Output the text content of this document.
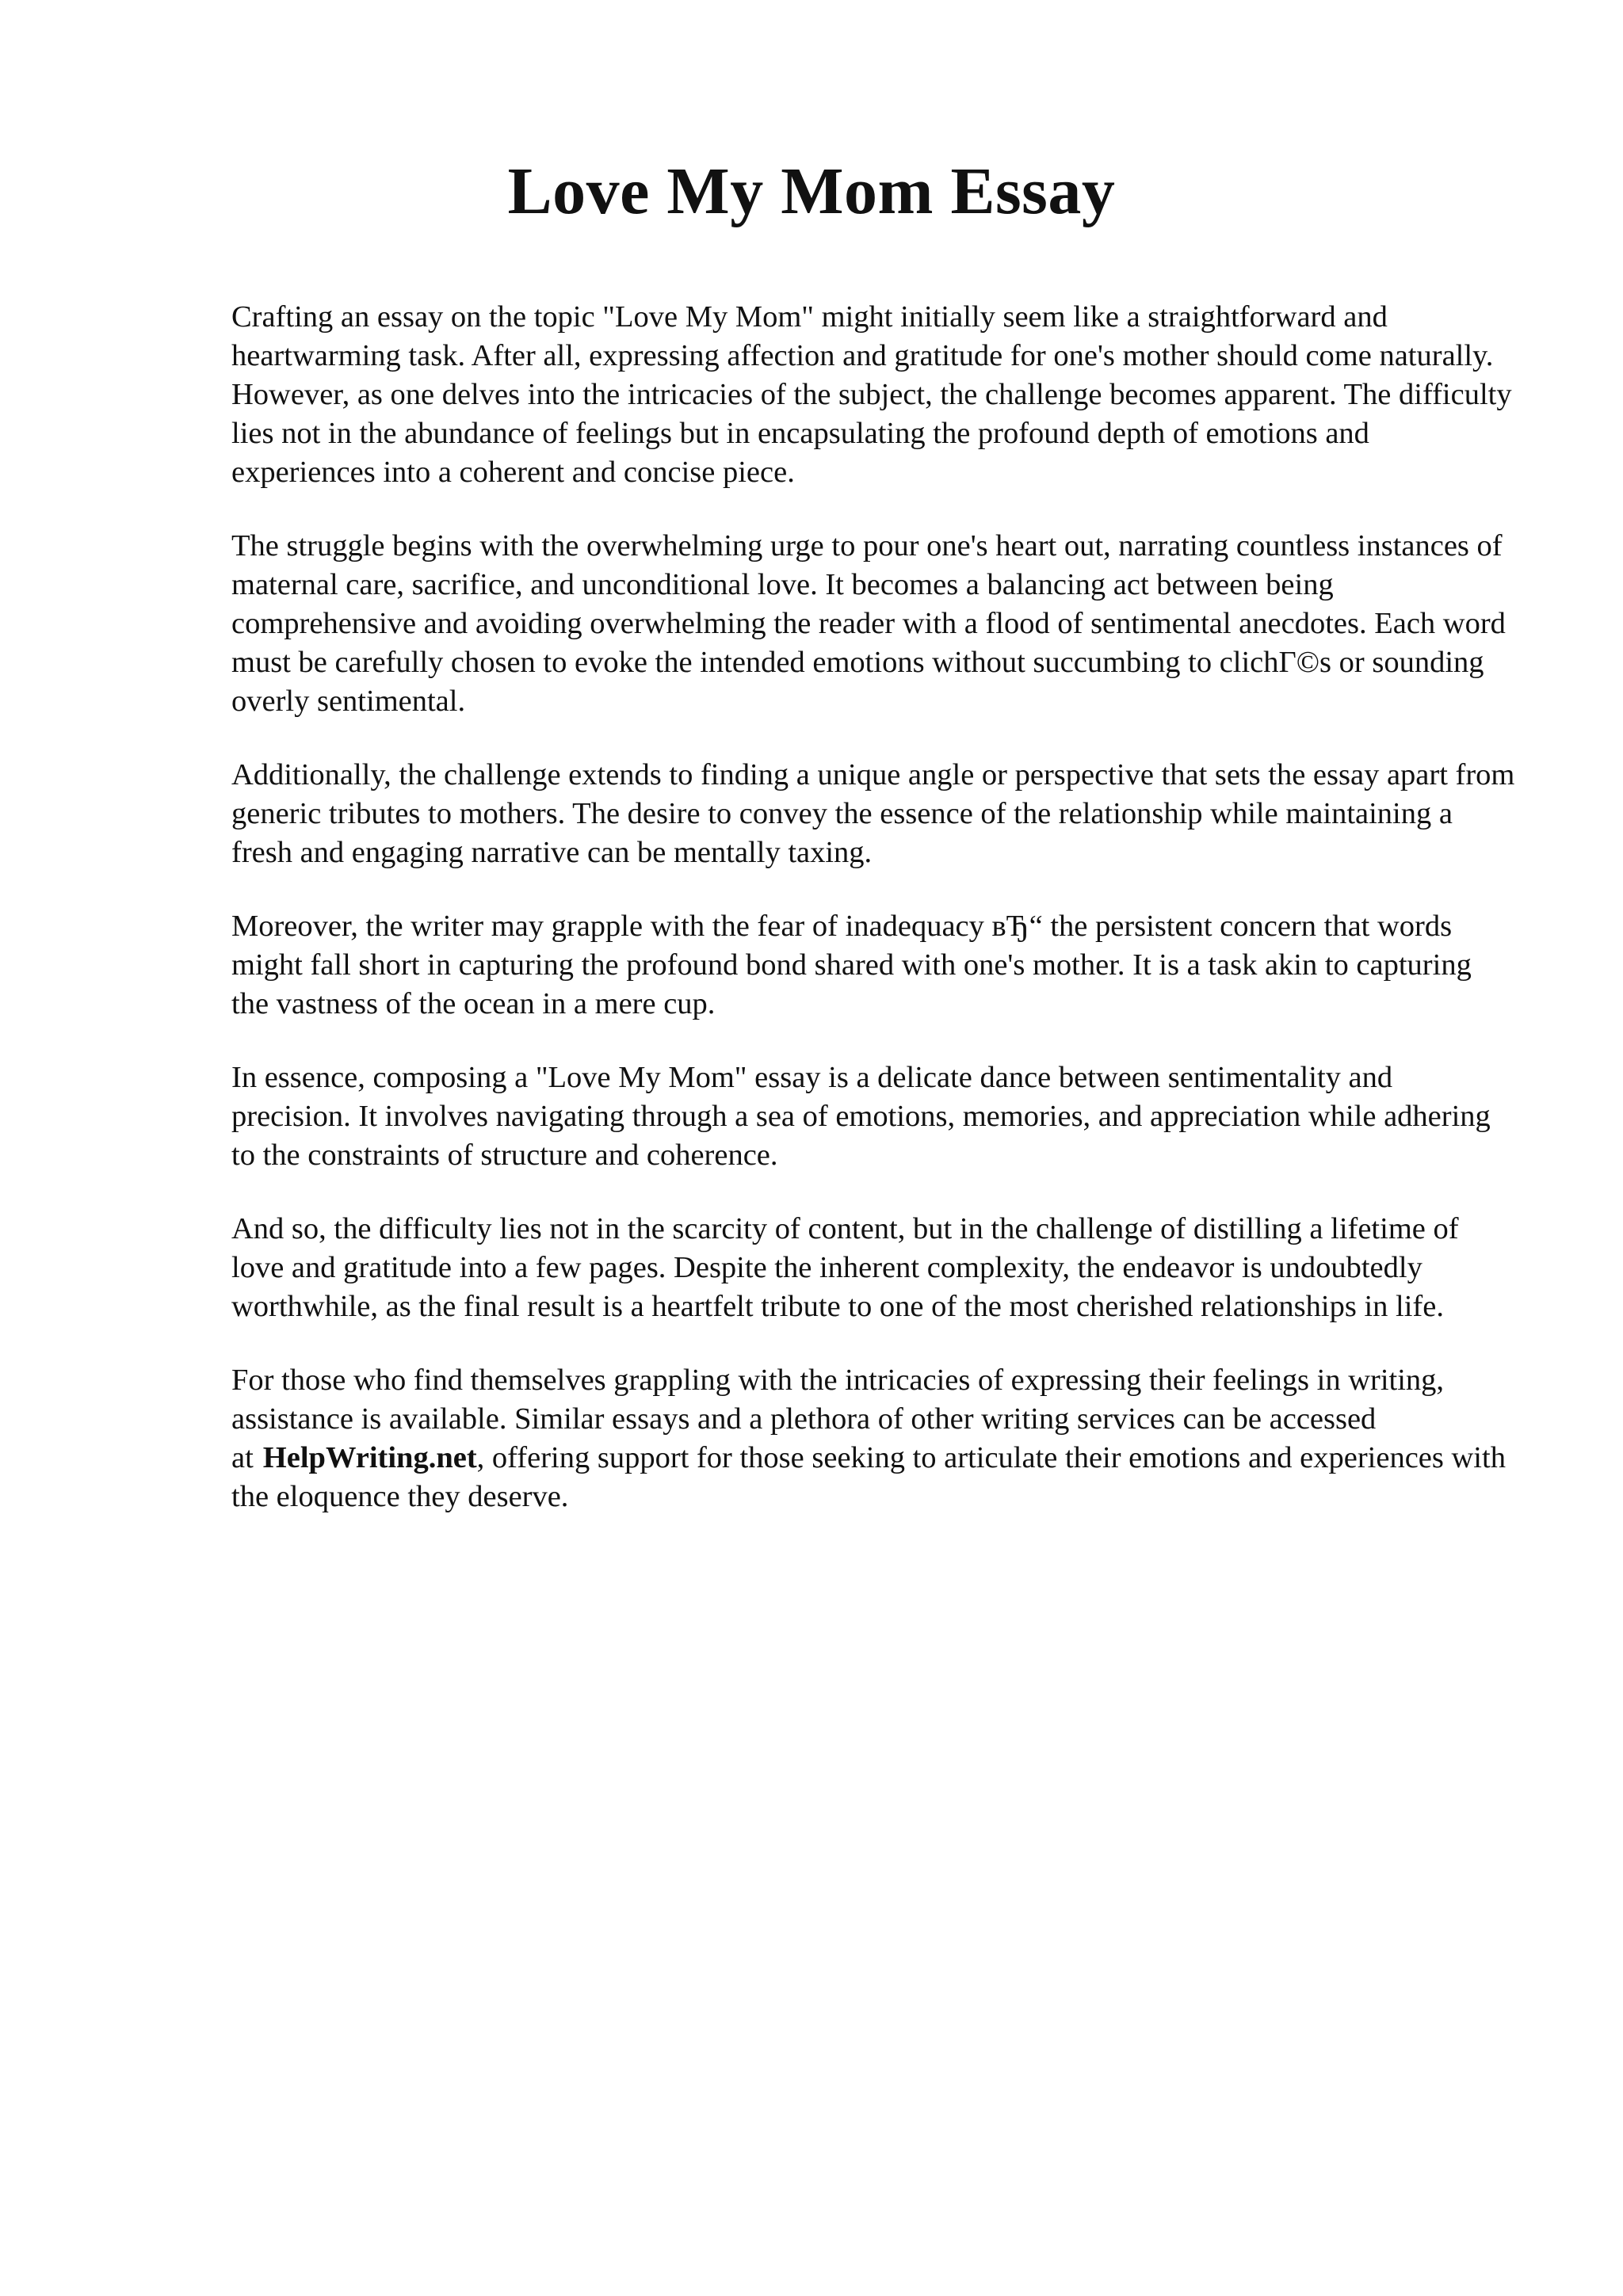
Love My Mom Essay

Crafting an essay on the topic "Love My Mom" might initially seem like a straightforward and heartwarming task. After all, expressing affection and gratitude for one's mother should come naturally. However, as one delves into the intricacies of the subject, the challenge becomes apparent. The difficulty lies not in the abundance of feelings but in encapsulating the profound depth of emotions and experiences into a coherent and concise piece.

The struggle begins with the overwhelming urge to pour one's heart out, narrating countless instances of maternal care, sacrifice, and unconditional love. It becomes a balancing act between being comprehensive and avoiding overwhelming the reader with a flood of sentimental anecdotes. Each word must be carefully chosen to evoke the intended emotions without succumbing to clichГ©s or sounding overly sentimental.

Additionally, the challenge extends to finding a unique angle or perspective that sets the essay apart from generic tributes to mothers. The desire to convey the essence of the relationship while maintaining a fresh and engaging narrative can be mentally taxing.

Moreover, the writer may grapple with the fear of inadequacy вЂ“ the persistent concern that words might fall short in capturing the profound bond shared with one's mother. It is a task akin to capturing the vastness of the ocean in a mere cup.

In essence, composing a "Love My Mom" essay is a delicate dance between sentimentality and precision. It involves navigating through a sea of emotions, memories, and appreciation while adhering to the constraints of structure and coherence.

And so, the difficulty lies not in the scarcity of content, but in the challenge of distilling a lifetime of love and gratitude into a few pages. Despite the inherent complexity, the endeavor is undoubtedly worthwhile, as the final result is a heartfelt tribute to one of the most cherished relationships in life.

For those who find themselves grappling with the intricacies of expressing their feelings in writing, assistance is available. Similar essays and a plethora of other writing services can be accessed at HelpWriting.net, offering support for those seeking to articulate their emotions and experiences with the eloquence they deserve.
